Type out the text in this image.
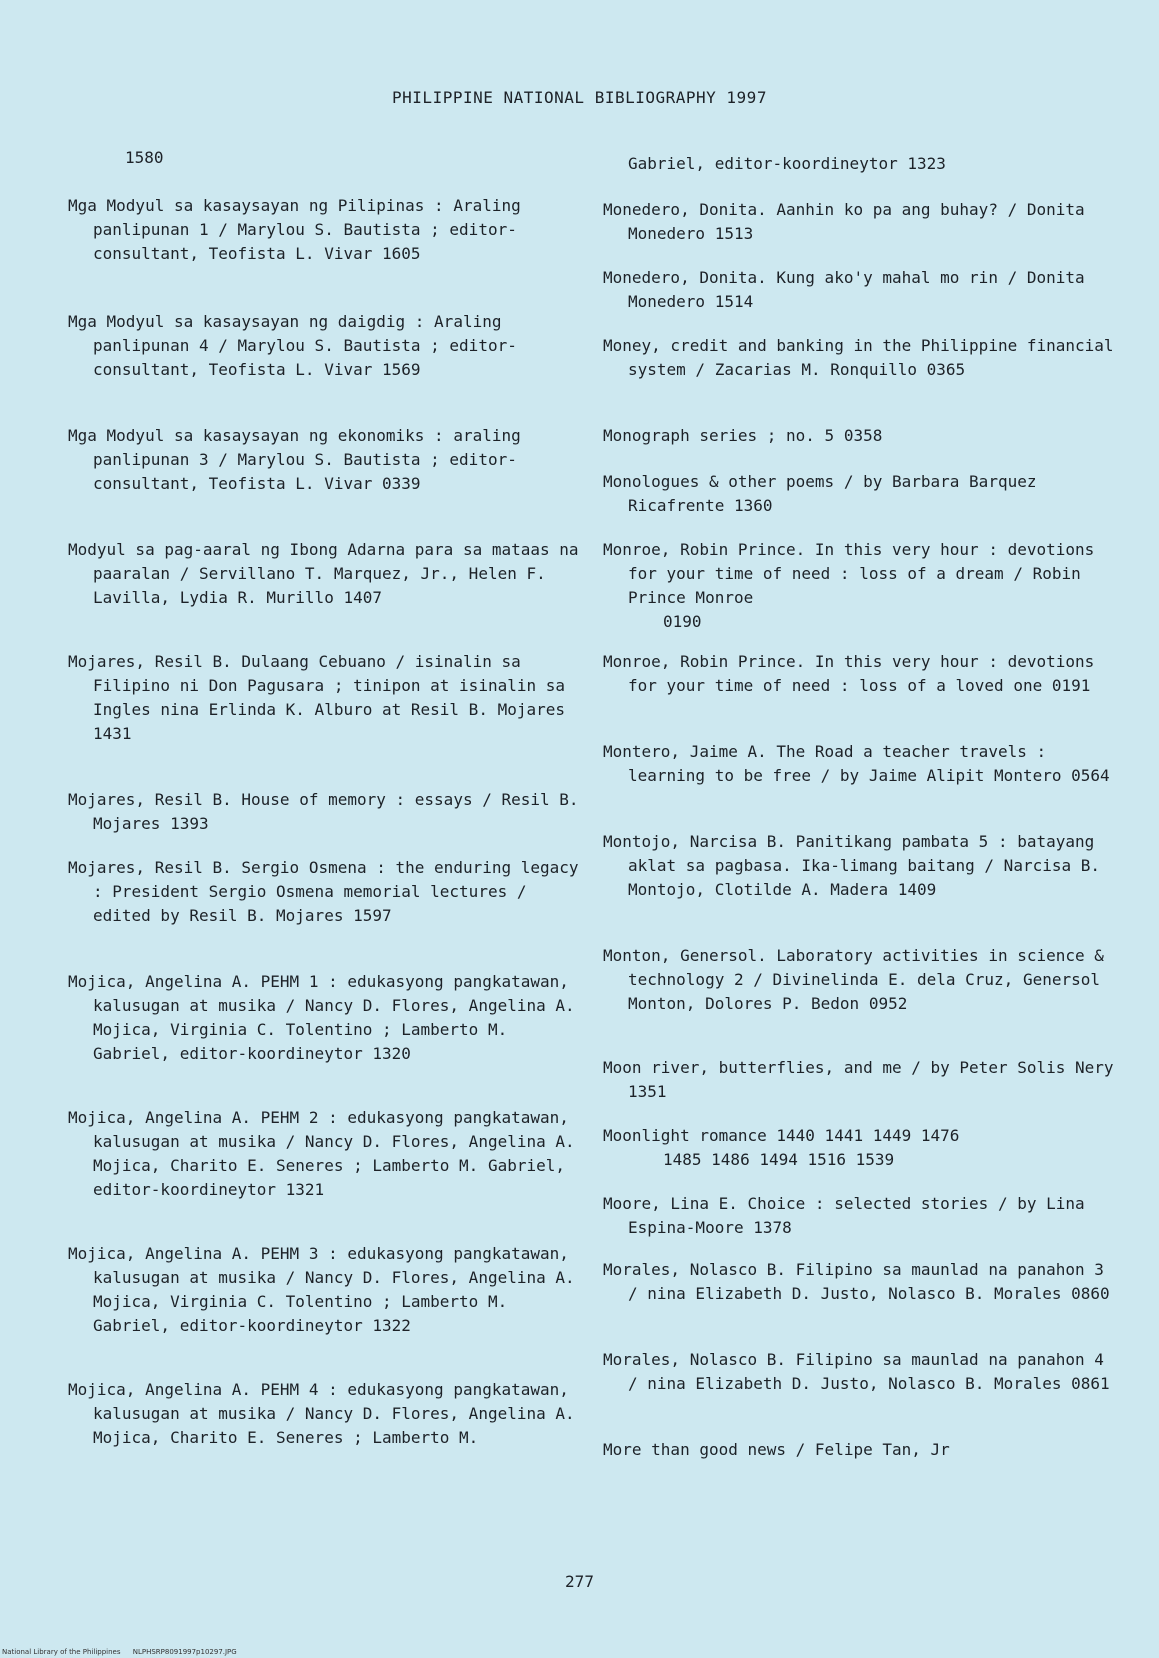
PHILIPPINE NATIONAL BIBLIOGRAPHY 1997
1580
Mga Modyul sa kasaysayan ng Pilipinas : Araling panlipunan 1 / Marylou S. Bautista ; editor-consultant, Teofista L. Vivar 1605
Mga Modyul sa kasaysayan ng daigdig : Araling panlipunan 4 / Marylou S. Bautista ; editor-consultant, Teofista L. Vivar 1569
Mga Modyul sa kasaysayan ng ekonomiks : araling panlipunan 3 / Marylou S. Bautista ; editor-consultant, Teofista L. Vivar 0339
Modyul sa pag-aaral ng Ibong Adarna para sa mataas na paaralan / Servillano T. Marquez, Jr., Helen F. Lavilla, Lydia R. Murillo 1407
Mojares, Resil B. Dulaang Cebuano / isinalin sa Filipino ni Don Pagusara ; tinipon at isinalin sa Ingles nina Erlinda K. Alburo at Resil B. Mojares 1431
Mojares, Resil B. House of memory : essays / Resil B. Mojares 1393
Mojares, Resil B. Sergio Osmena : the enduring legacy : President Sergio Osmena memorial lectures / edited by Resil B. Mojares 1597
Mojica, Angelina A. PEHM 1 : edukasyong pangkatawan, kalusugan at musika / Nancy D. Flores, Angelina A. Mojica, Virginia C. Tolentino ; Lamberto M. Gabriel, editor-koordineytor 1320
Mojica, Angelina A. PEHM 2 : edukasyong pangkatawan, kalusugan at musika / Nancy D. Flores, Angelina A. Mojica, Charito E. Seneres ; Lamberto M. Gabriel, editor-koordineytor 1321
Mojica, Angelina A. PEHM 3 : edukasyong pangkatawan, kalusugan at musika / Nancy D. Flores, Angelina A. Mojica, Virginia C. Tolentino ; Lamberto M. Gabriel, editor-koordineytor 1322
Mojica, Angelina A. PEHM 4 : edukasyong pangkatawan, kalusugan at musika / Nancy D. Flores, Angelina A. Mojica, Charito E. Seneres ; Lamberto M.
Gabriel, editor-koordineytor 1323
Monedero, Donita. Aanhin ko pa ang buhay? / Donita Monedero 1513
Monedero, Donita. Kung ako'y mahal mo rin / Donita Monedero 1514
Money, credit and banking in the Philippine financial system / Zacarias M. Ronquillo 0365
Monograph series ; no. 5 0358
Monologues & other poems / by Barbara Barquez Ricafrente 1360
Monroe, Robin Prince. In this very hour : devotions for your time of need : loss of a dream / Robin Prince Monroe
0190
Monroe, Robin Prince. In this very hour : devotions for your time of need : loss of a loved one 0191
Montero, Jaime A. The Road a teacher travels : learning to be free / by Jaime Alipit Montero 0564
Montojo, Narcisa B. Panitikang pambata 5 : batayang aklat sa pagbasa. Ika-limang baitang / Narcisa B. Montojo, Clotilde A. Madera 1409
Monton, Genersol. Laboratory activities in science & technology 2 / Divinelinda E. dela Cruz, Genersol Monton, Dolores P. Bedon 0952
Moon river, butterflies, and me / by Peter Solis Nery 1351
Moonlight romance 1440 1441 1449 1476
1485 1486 1494 1516 1539
Moore, Lina E. Choice : selected stories / by Lina Espina-Moore 1378
Morales, Nolasco B. Filipino sa maunlad na panahon 3 / nina Elizabeth D. Justo, Nolasco B. Morales 0860
Morales, Nolasco B. Filipino sa maunlad na panahon 4 / nina Elizabeth D. Justo, Nolasco B. Morales 0861
More than good news / Felipe Tan, Jr
277
National Library of the Philippines NLPHSRP8091997p10297.JPG
